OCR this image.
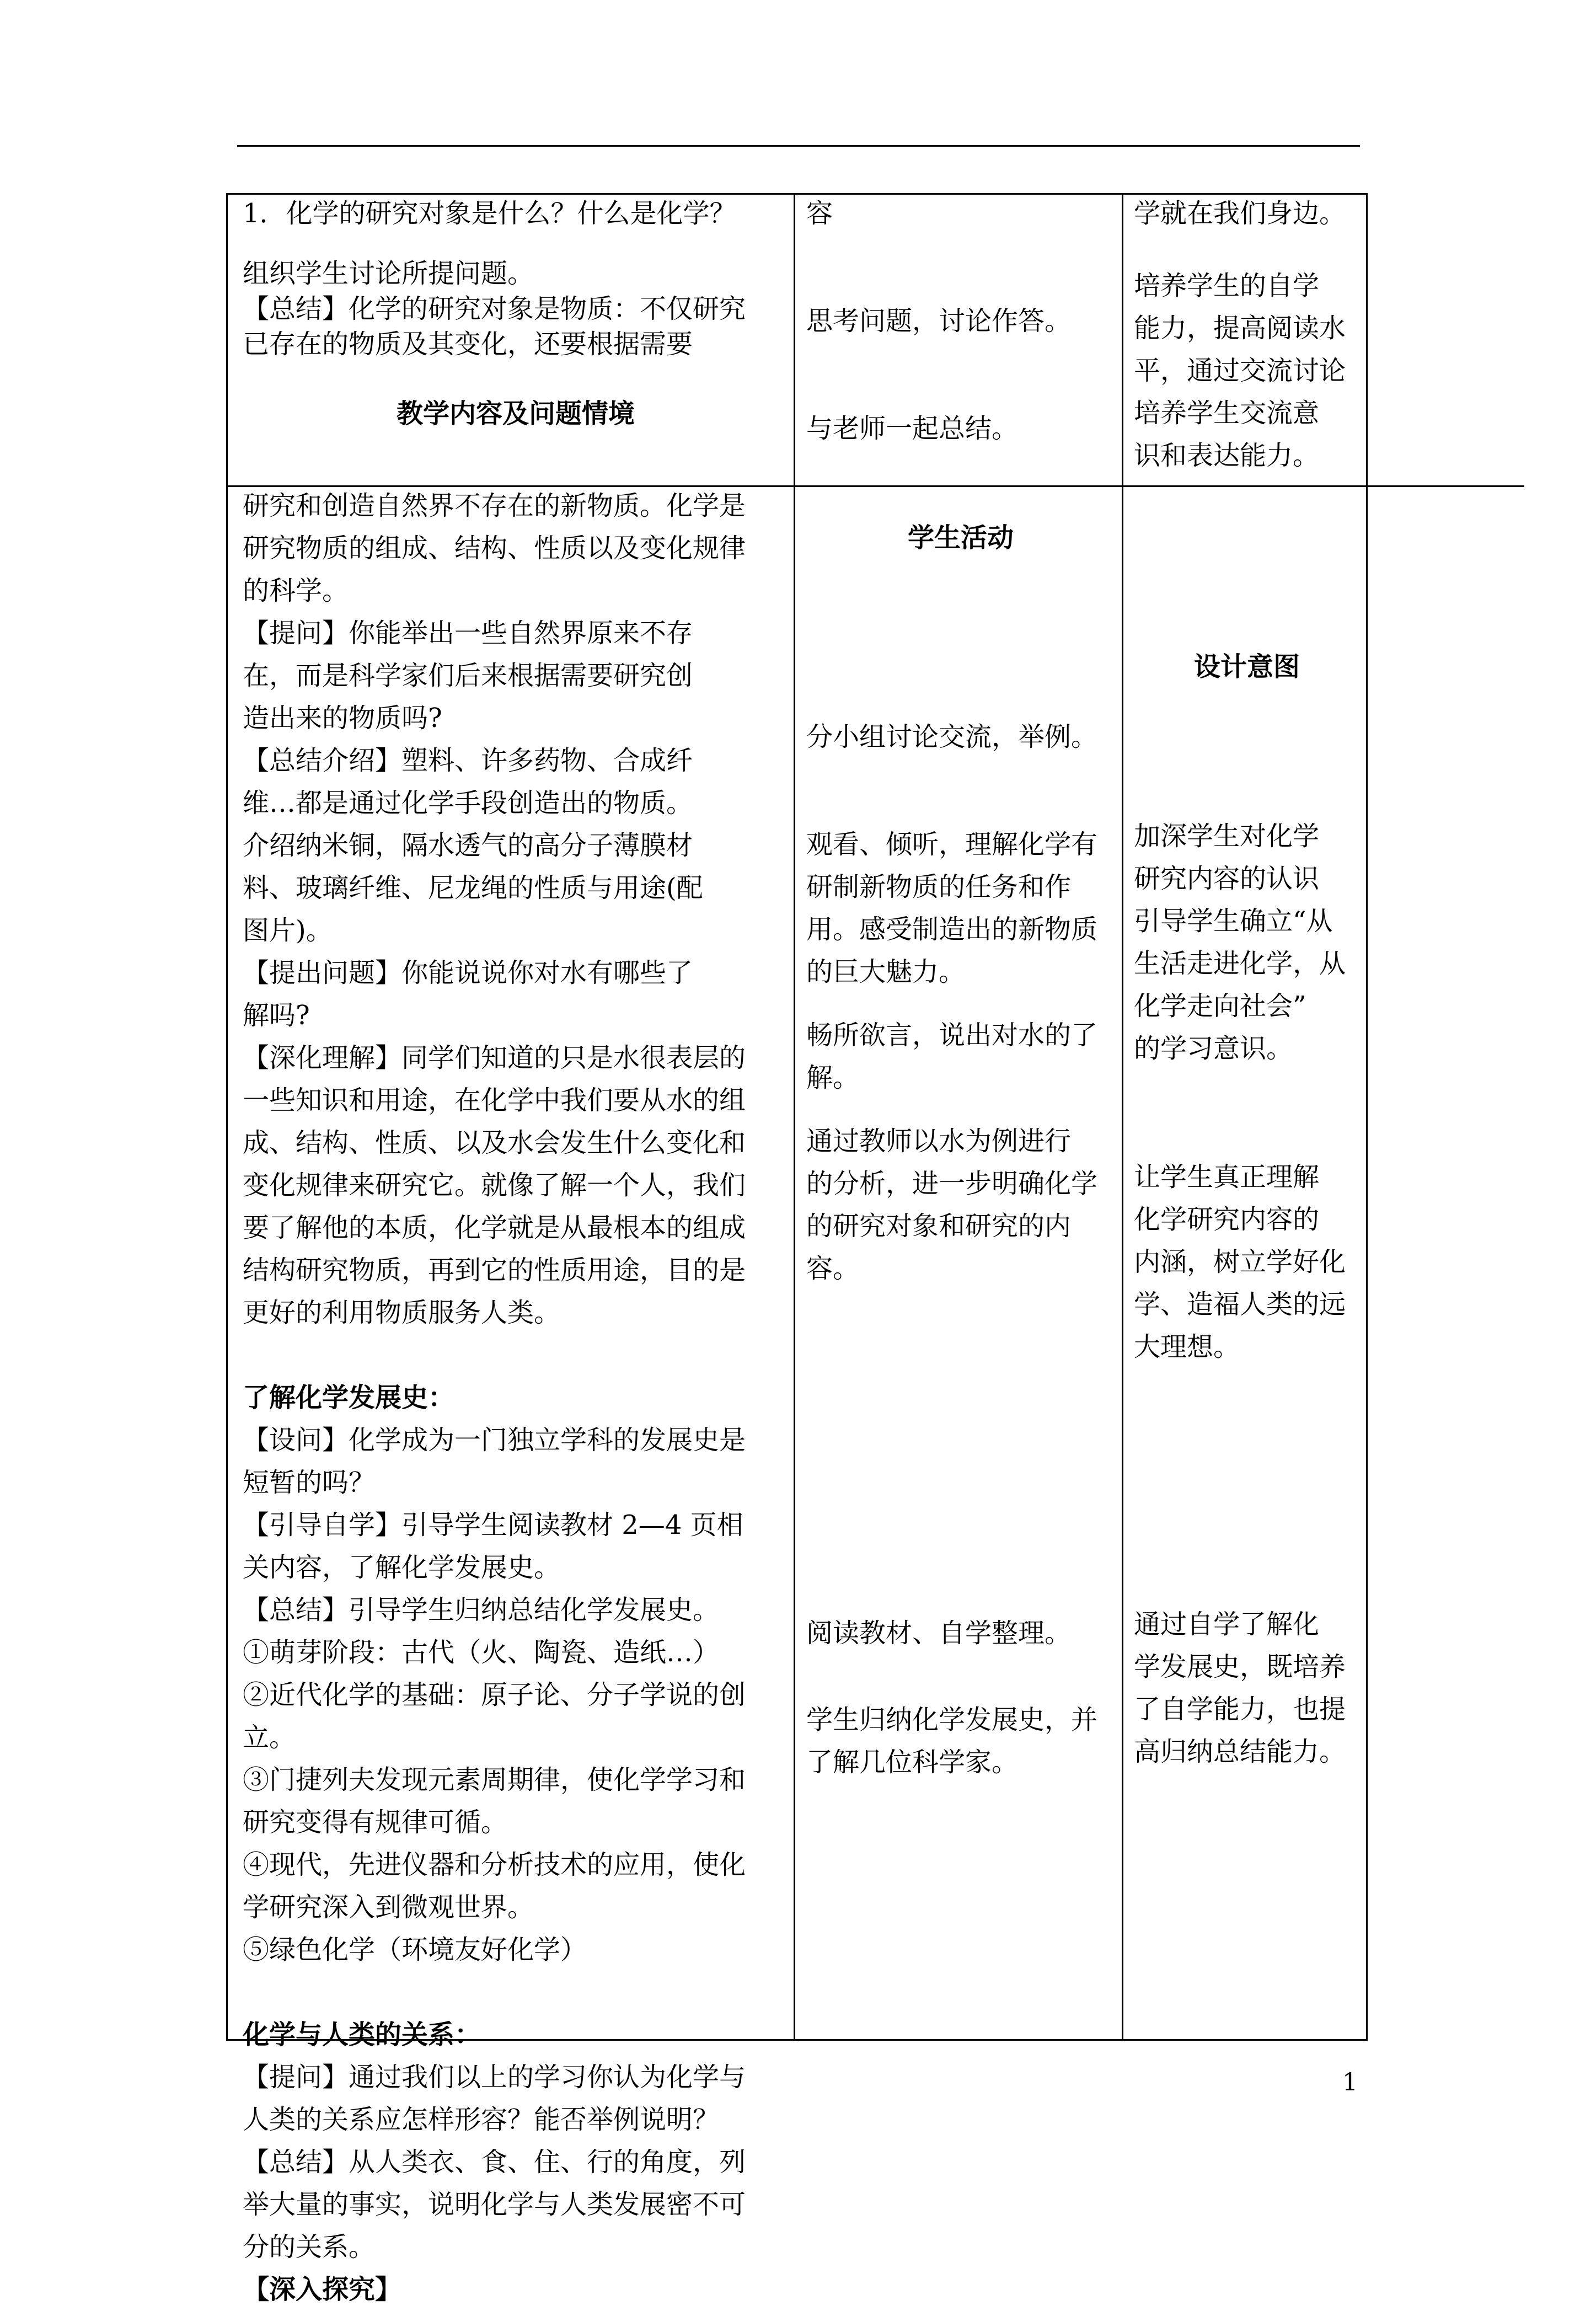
1．化学的研究对象是什么？什么是化学？

组织学生讨论所提问题。

【总结】化学的研究对象是物质：不仅研究

已存在的物质及其变化，还要根据需要

教学内容及问题情境

容

思考问题，讨论作答。

与老师一起总结。

学就在我们身边。

培养学生的自学

能力，提高阅读水

平，通过交流讨论

培养学生交流意

识和表达能力。

研究和创造自然界不存在的新物质。化学是

研究物质的组成、结构、性质以及变化规律

的科学。

【提问】你能举出一些自然界原来不存

在，而是科学家们后来根据需要研究创

造出来的物质吗?

【总结介绍】塑料、许多药物、合成纤

维…都是通过化学手段创造出的物质。

介绍纳米铜，隔水透气的高分子薄膜材

料、玻璃纤维、尼龙绳的性质与用途(配

图片)。

【提出问题】你能说说你对水有哪些了

解吗?

【深化理解】同学们知道的只是水很表层的

一些知识和用途，在化学中我们要从水的组

成、结构、性质、以及水会发生什么变化和

变化规律来研究它。就像了解一个人，我们

要了解他的本质，化学就是从最根本的组成

结构研究物质，再到它的性质用途，目的是

更好的利用物质服务人类。

了解化学发展史：

【设问】化学成为一门独立学科的发展史是

短暂的吗？

【引导自学】引导学生阅读教材 2—4 页相

关内容，了解化学发展史。

【总结】引导学生归纳总结化学发展史。

①萌芽阶段：古代（火、陶瓷、造纸…）

②近代化学的基础：原子论、分子学说的创

立。

③门捷列夫发现元素周期律，使化学学习和

研究变得有规律可循。

④现代，先进仪器和分析技术的应用，使化

学研究深入到微观世界。

⑤绿色化学（环境友好化学）

化学与人类的关系：

【提问】通过我们以上的学习你认为化学与

人类的关系应怎样形容？能否举例说明？

【总结】从人类衣、食、住、行的角度，列

举大量的事实，说明化学与人类发展密不可

分的关系。

【深入探究】

学生活动

分小组讨论交流，举例。

观看、倾听，理解化学有

研制新物质的任务和作

用。感受制造出的新物质

的巨大魅力。

畅所欲言，说出对水的了

解。

通过教师以水为例进行

的分析，进一步明确化学

的研究对象和研究的内

容。

阅读教材、自学整理。

学生归纳化学发展史，并

了解几位科学家。

设计意图

加深学生对化学

研究内容的认识

引导学生确立“从

生活走进化学，从

化学走向社会”

的学习意识。

让学生真正理解

化学研究内容的

内涵，树立学好化

学、造福人类的远

大理想。

通过自学了解化

学发展史，既培养

了自学能力，也提

高归纳总结能力。

1
